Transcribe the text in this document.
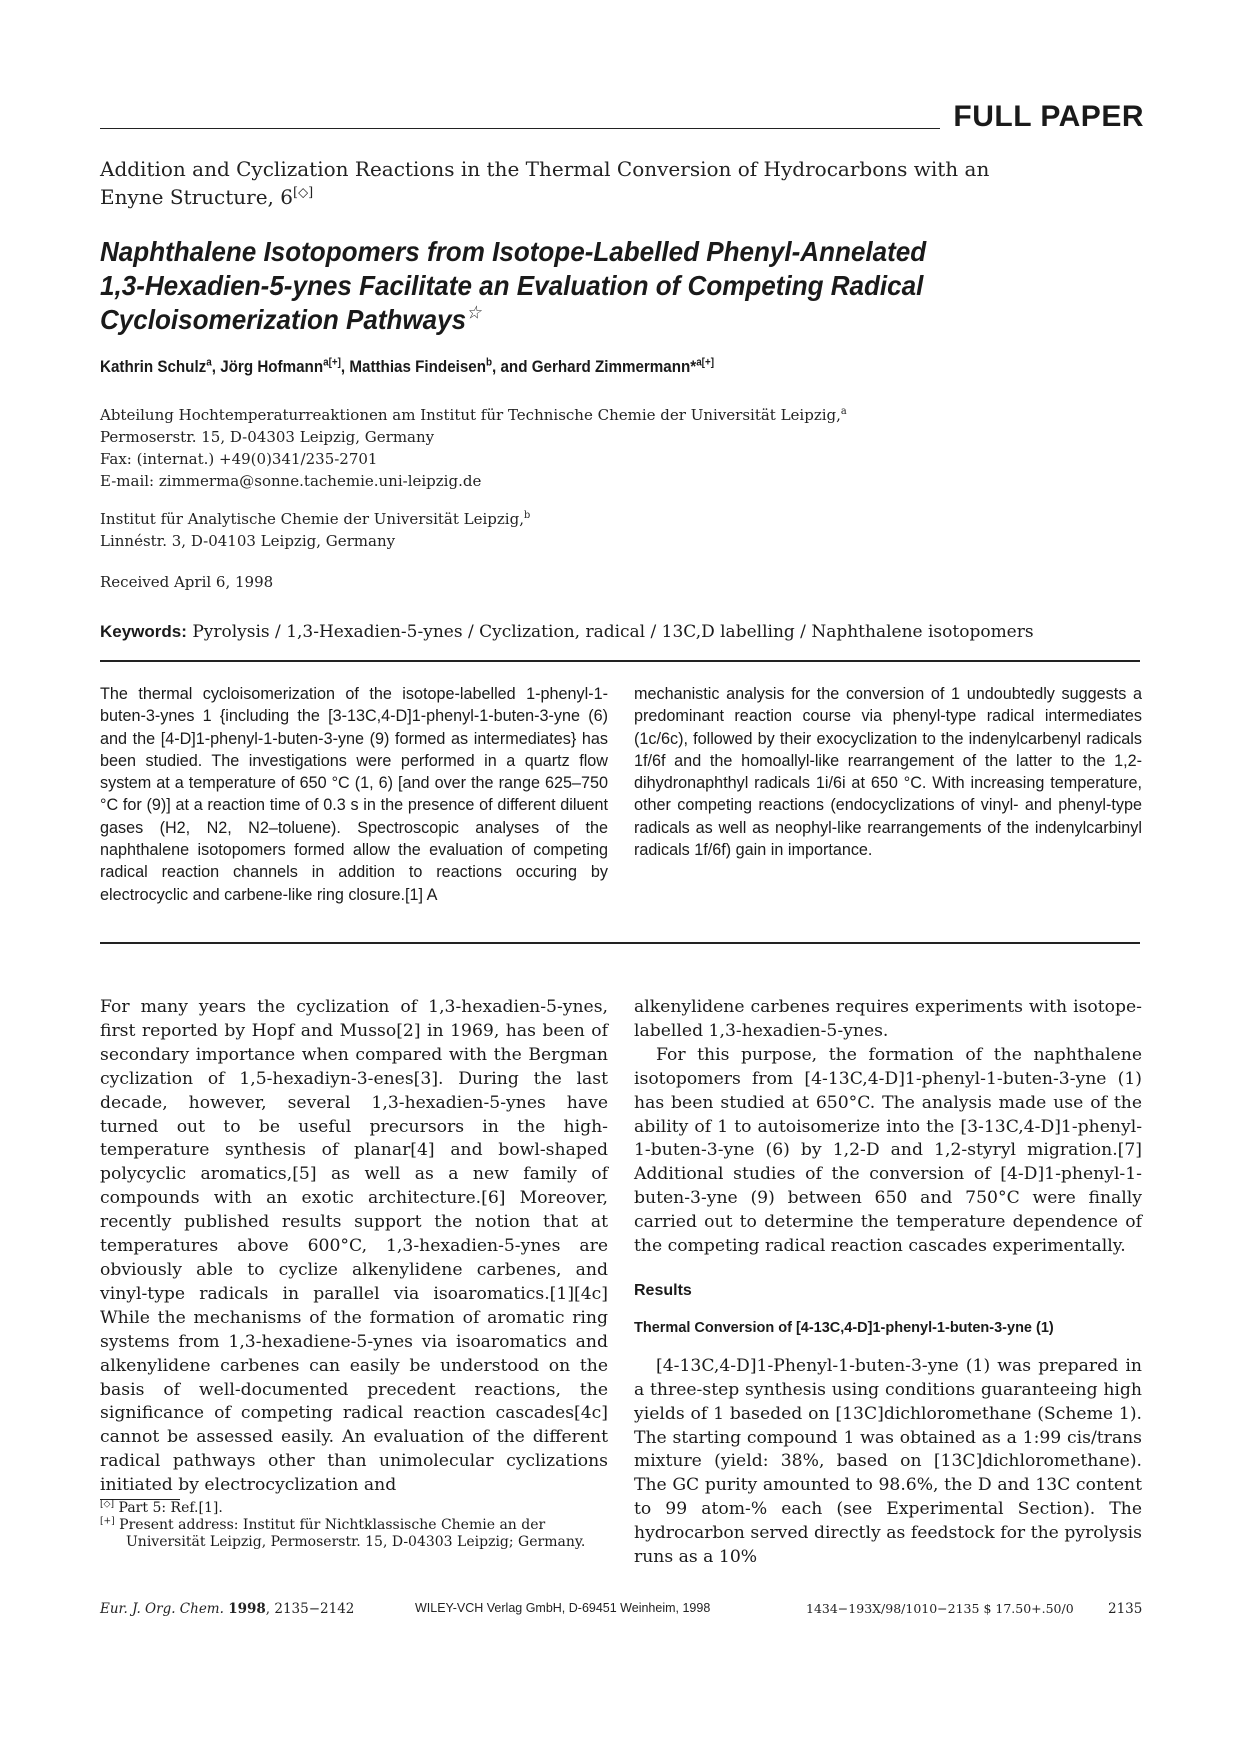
FULL PAPER
Addition and Cyclization Reactions in the Thermal Conversion of Hydrocarbons with an Enyne Structure, 6[◇]
Naphthalene Isotopomers from Isotope-Labelled Phenyl-Annelated
1,3-Hexadien-5-ynes Facilitate an Evaluation of Competing Radical
Cycloisomerization Pathways☆
Kathrin Schulz$^a$, Jörg Hofmann$^{a[+]}$, Matthias Findeisen$^b$, and Gerhard Zimmermann*$^{a[+]}$
Abteilung Hochtemperaturreaktionen am Institut für Technische Chemie der Universität Leipzig,$^a$
Permoserstr. 15, D-04303 Leipzig, Germany
Fax: (internat.) +49(0)341/235-2701
E-mail: zimmerma@sonne.tachemie.uni-leipzig.de
Institut für Analytische Chemie der Universität Leipzig,$^b$
Linnéstr. 3, D-04103 Leipzig, Germany
Received April 6, 1998
Keywords: Pyrolysis / 1,3-Hexadien-5-ynes / Cyclization, radical / 13C,D labelling / Naphthalene isotopomers
The thermal cycloisomerization of the isotope-labelled 1-phenyl-1-buten-3-ynes 1 {including the [3-13C,4-D]1-phenyl-1-buten-3-yne (6) and the [4-D]1-phenyl-1-buten-3-yne (9) formed as intermediates} has been studied. The investigations were performed in a quartz flow system at a temperature of 650 °C (1, 6) [and over the range 625–750 °C for (9)] at a reaction time of 0.3 s in the presence of different diluent gases (H2, N2, N2–toluene). Spectroscopic analyses of the naphthalene isotopomers formed allow the evaluation of competing radical reaction channels in addition to reactions occuring by electrocyclic and carbene-like ring closure.[1] A
mechanistic analysis for the conversion of 1 undoubtedly suggests a predominant reaction course via phenyl-type radical intermediates (1c/6c), followed by their exocyclization to the indenylcarbenyl radicals 1f/6f and the homoallyl-like rearrangement of the latter to the 1,2-dihydronaphthyl radicals 1i/6i at 650 °C. With increasing temperature, other competing reactions (endocyclizations of vinyl- and phenyl-type radicals as well as neophyl-like rearrangements of the indenylcarbinyl radicals 1f/6f) gain in importance.

For many years the cyclization of 1,3-hexadien-5-ynes, first reported by Hopf and Musso[2] in 1969, has been of secondary importance when compared with the Bergman cyclization of 1,5-hexadiyn-3-enes[3]. During the last decade, however, several 1,3-hexadien-5-ynes have turned out to be useful precursors in the high-temperature synthesis of planar[4] and bowl-shaped polycyclic aromatics,[5] as well as a new family of compounds with an exotic architecture.[6] Moreover, recently published results support the notion that at temperatures above 600°C, 1,3-hexadien-5-ynes are obviously able to cyclize alkenylidene carbenes, and vinyl-type radicals in parallel via isoaromatics.[1][4c] While the mechanisms of the formation of aromatic ring systems from 1,3-hexadiene-5-ynes via isoaromatics and alkenylidene carbenes can easily be understood on the basis of well-documented precedent reactions, the significance of competing radical reaction cascades[4c] cannot be assessed easily. An evaluation of the different radical pathways other than unimolecular cyclizations initiated by electrocyclization and

alkenylidene carbenes requires experiments with isotope-labelled 1,3-hexadien-5-ynes.

For this purpose, the formation of the naphthalene isotopomers from [4-13C,4-D]1-phenyl-1-buten-3-yne (1) has been studied at 650°C. The analysis made use of the ability of 1 to autoisomerize into the [3-13C,4-D]1-phenyl-1-buten-3-yne (6) by 1,2-D and 1,2-styryl migration.[7] Additional studies of the conversion of [4-D]1-phenyl-1-buten-3-yne (9) between 650 and 750°C were finally carried out to determine the temperature dependence of the competing radical reaction cascades experimentally.

Results
Thermal Conversion of [4-13C,4-D]1-phenyl-1-buten-3-yne (1)

[4-13C,4-D]1-Phenyl-1-buten-3-yne (1) was prepared in a three-step synthesis using conditions guaranteeing high yields of 1 baseded on [13C]dichloromethane (Scheme 1). The starting compound 1 was obtained as a 1:99 cis/trans mixture (yield: 38%, based on [13C]dichloromethane). The GC purity amounted to 98.6%, the D and 13C content to 99 atom-% each (see Experimental Section). The hydrocarbon served directly as feedstock for the pyrolysis runs as a 10%

[◇] Part 5: Ref.[1].
[+] Present address: Institut für Nichtklassische Chemie an der Universität Leipzig, Permoserstr. 15, D-04303 Leipzig; Germany.
Eur. J. Org. Chem. 1998, 2135−2142	WILEY-VCH Verlag GmbH, D-69451 Weinheim, 1998	1434−193X/98/1010−2135 $ 17.50+.50/0	2135
